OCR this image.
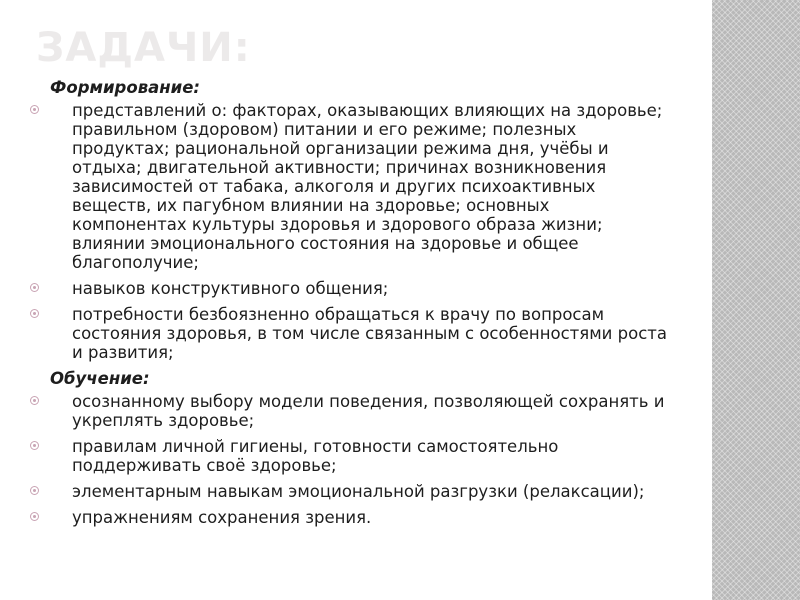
ЗАДАЧИ:
Формирование:
представлений о: факторах, оказывающих влияющих на здоровье; правильном (здоровом) питании и его режиме; полезных продуктах; рациональной организации режима дня, учёбы и отдыха; двигательной активности; причинах возникновения зависимостей от табака, алкоголя и других психоактивных веществ, их пагубном влиянии на здоровье; основных компонентах культуры здоровья и здорового образа жизни; влиянии эмоционального состояния на здоровье и общее благополучие;
навыков конструктивного общения;
потребности безбоязненно обращаться к врачу по вопросам состояния здоровья, в том числе связанным с особенностями роста и развития;
Обучение:
осознанному выбору модели поведения, позволяющей сохранять и укреплять здоровье;
правилам личной гигиены, готовности самостоятельно поддерживать своё здоровье;
элементарным навыкам эмоциональной разгрузки (релаксации);
упражнениям сохранения зрения.
